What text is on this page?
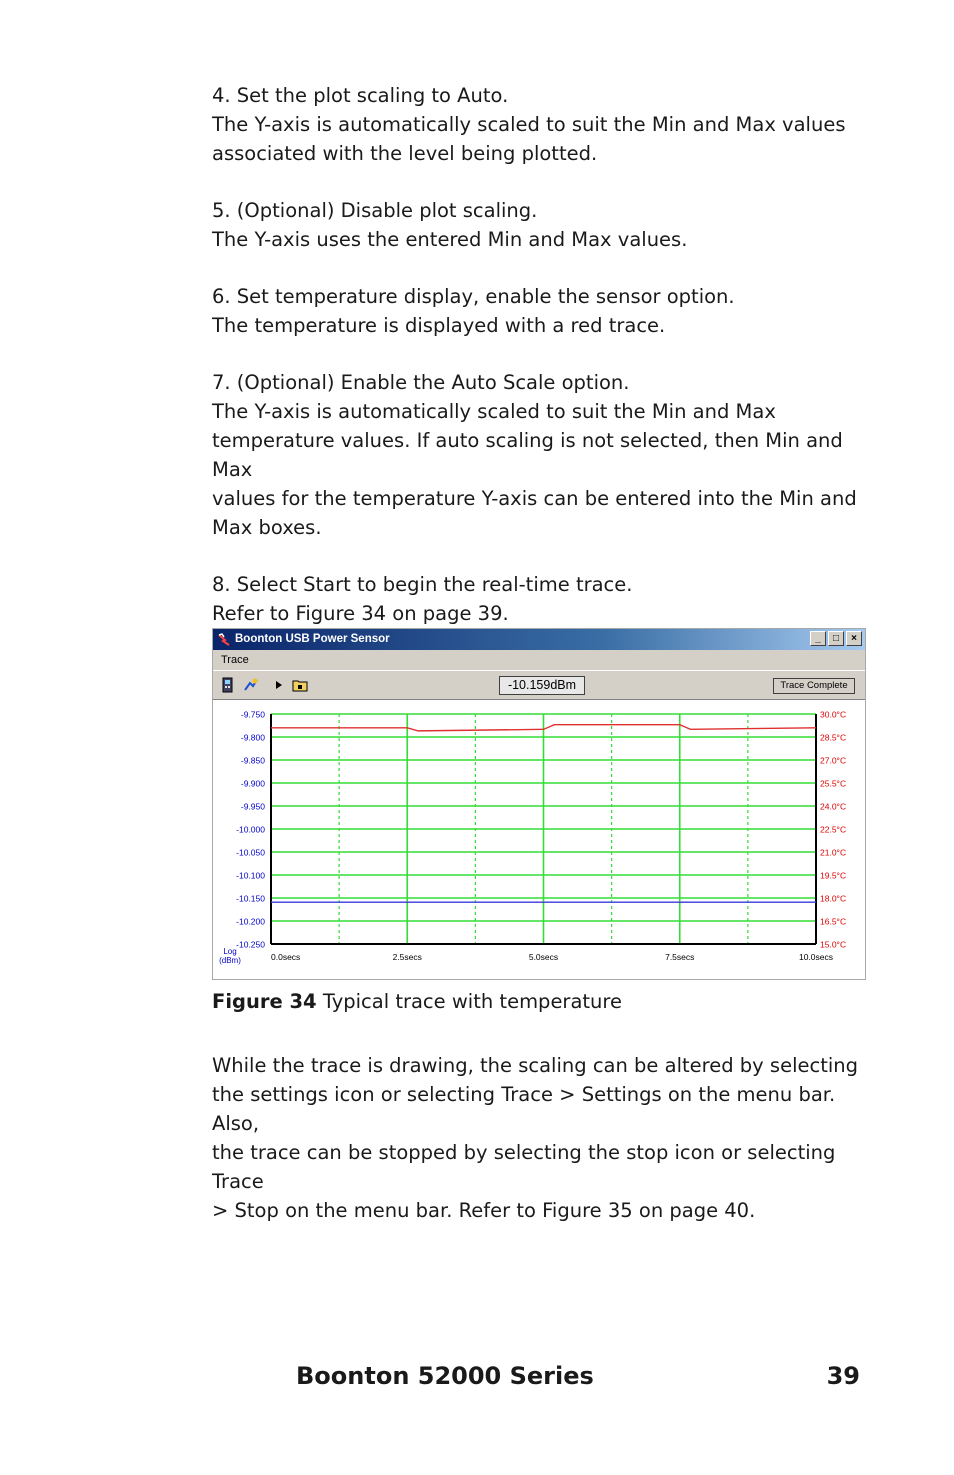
4. Set the plot scaling to Auto.
The Y-axis is automatically scaled to suit the Min and Max values
associated with the level being plotted.

5. (Optional) Disable plot scaling.
The Y-axis uses the entered Min and Max values.

6. Set temperature display, enable the sensor option.
The temperature is displayed with a red trace.

7. (Optional) Enable the Auto Scale option.
The Y-axis is automatically scaled to suit the Min and Max
temperature values. If auto scaling is not selected, then Min and Max
values for the temperature Y-axis can be entered into the Min and
Max boxes.

8. Select Start to begin the real-time trace.
Refer to Figure 34 on page 39.

Boonton USB Power Sensor	_	□	×
Trace
-10.159dBm	Trace Complete
-9.750
-9.800
-9.850
-9.900
-9.950
-10.000
-10.050
-10.100
-10.150
-10.200
-10.250
30.0°C
28.5°C
27.0°C
25.5°C
24.0°C
22.5°C
21.0°C
19.5°C
18.0°C
16.5°C
15.0°C
0.0secs	2.5secs	5.0secs	7.5secs	10.0secs
Log
(dBm)
Figure 34 Typical trace with temperature

While the trace is drawing, the scaling can be altered by selecting
the settings icon or selecting Trace > Settings on the menu bar. Also,
the trace can be stopped by selecting the stop icon or selecting Trace
> Stop on the menu bar. Refer to Figure 35 on page 40.

Boonton 52000 Series	39
